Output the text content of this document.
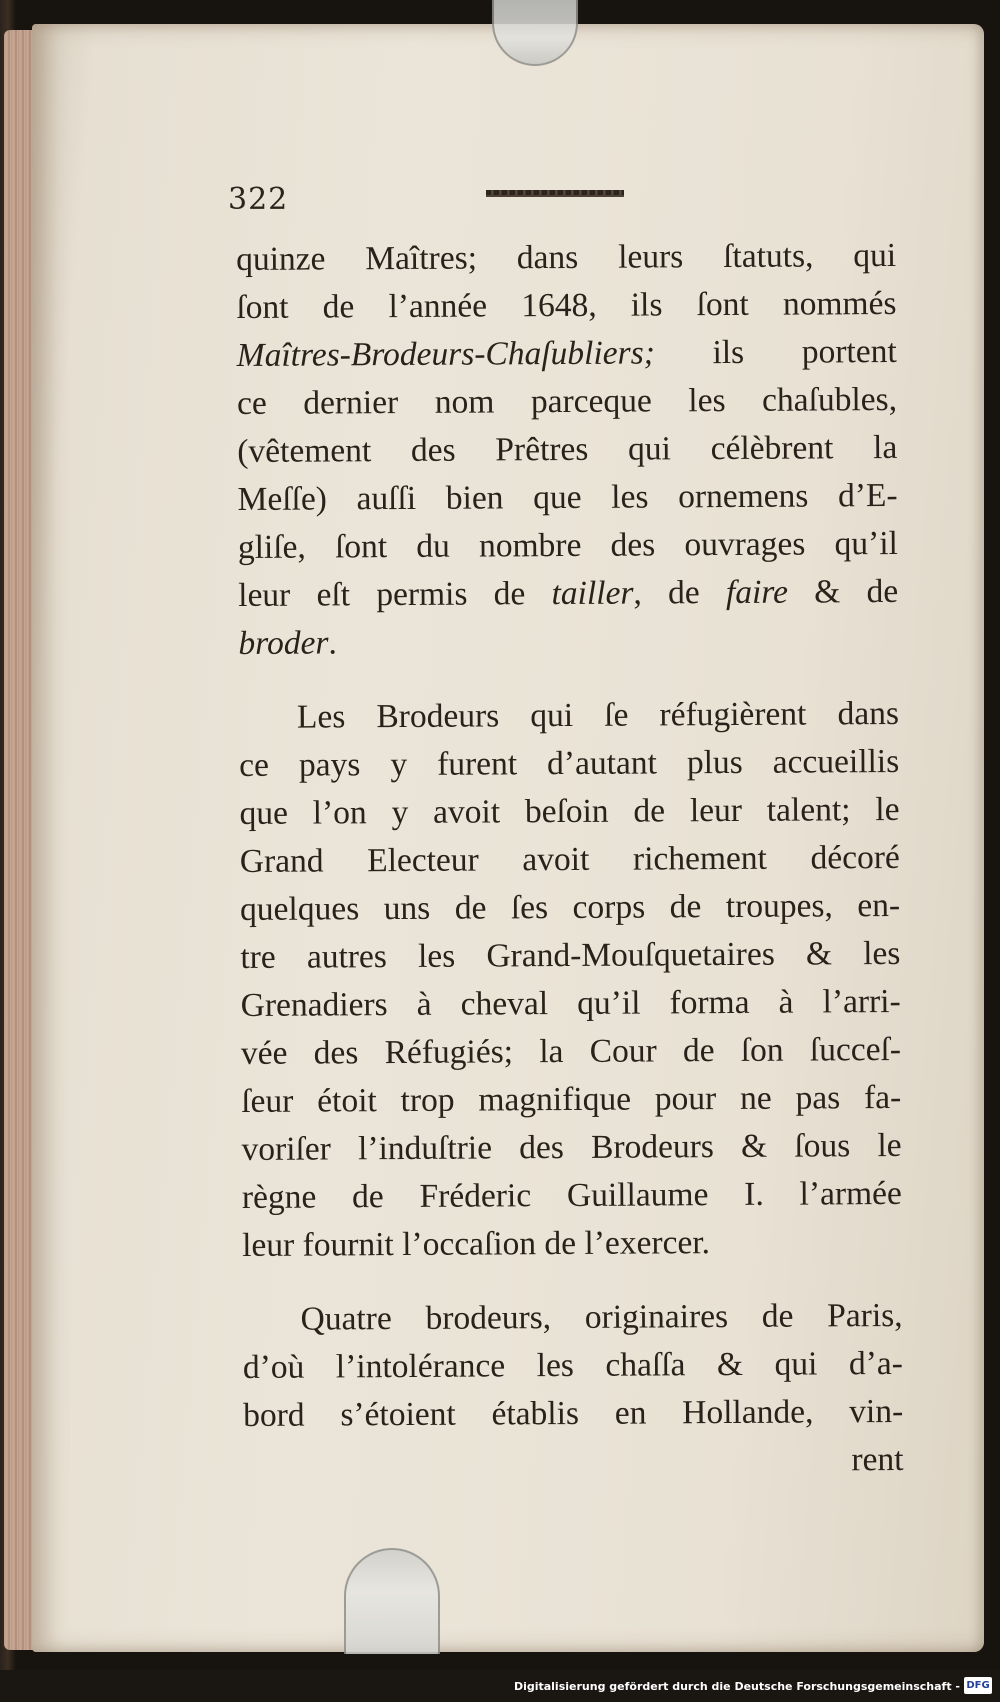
322

quinze Maîtres; dans leurs ſtatuts, qui
ſont de l’année 1648, ils ſont nommés
Maîtres-Brodeurs-Chaſubliers; ils portent
ce dernier nom parceque les chaſubles,
(vêtement des Prêtres qui célèbrent la
Meſſe) auſſi bien que les ornemens d’E-
gliſe, ſont du nombre des ouvrages qu’il
leur eſt permis de tailler, de faire & de
broder.

Les Brodeurs qui ſe réfugièrent dans
ce pays y furent d’autant plus accueillis
que l’on y avoit beſoin de leur talent; le
Grand Electeur avoit richement décoré
quelques uns de ſes corps de troupes, en-
tre autres les Grand-Mouſquetaires & les
Grenadiers à cheval qu’il forma à l’arri-
vée des Réfugiés; la Cour de ſon ſucceſ-
ſeur étoit trop magnifique pour ne pas fa-
voriſer l’induſtrie des Brodeurs & ſous le
règne de Fréderic Guillaume I. l’armée
leur fournit l’occaſion de l’exercer.

Quatre brodeurs, originaires de Paris,
d’où l’intolérance les chaſſa & qui d’a-
bord s’étoient établis en Hollande, vin-

rent
Digitalisierung gefördert durch die Deutsche Forschungsgemeinschaft - DFG
